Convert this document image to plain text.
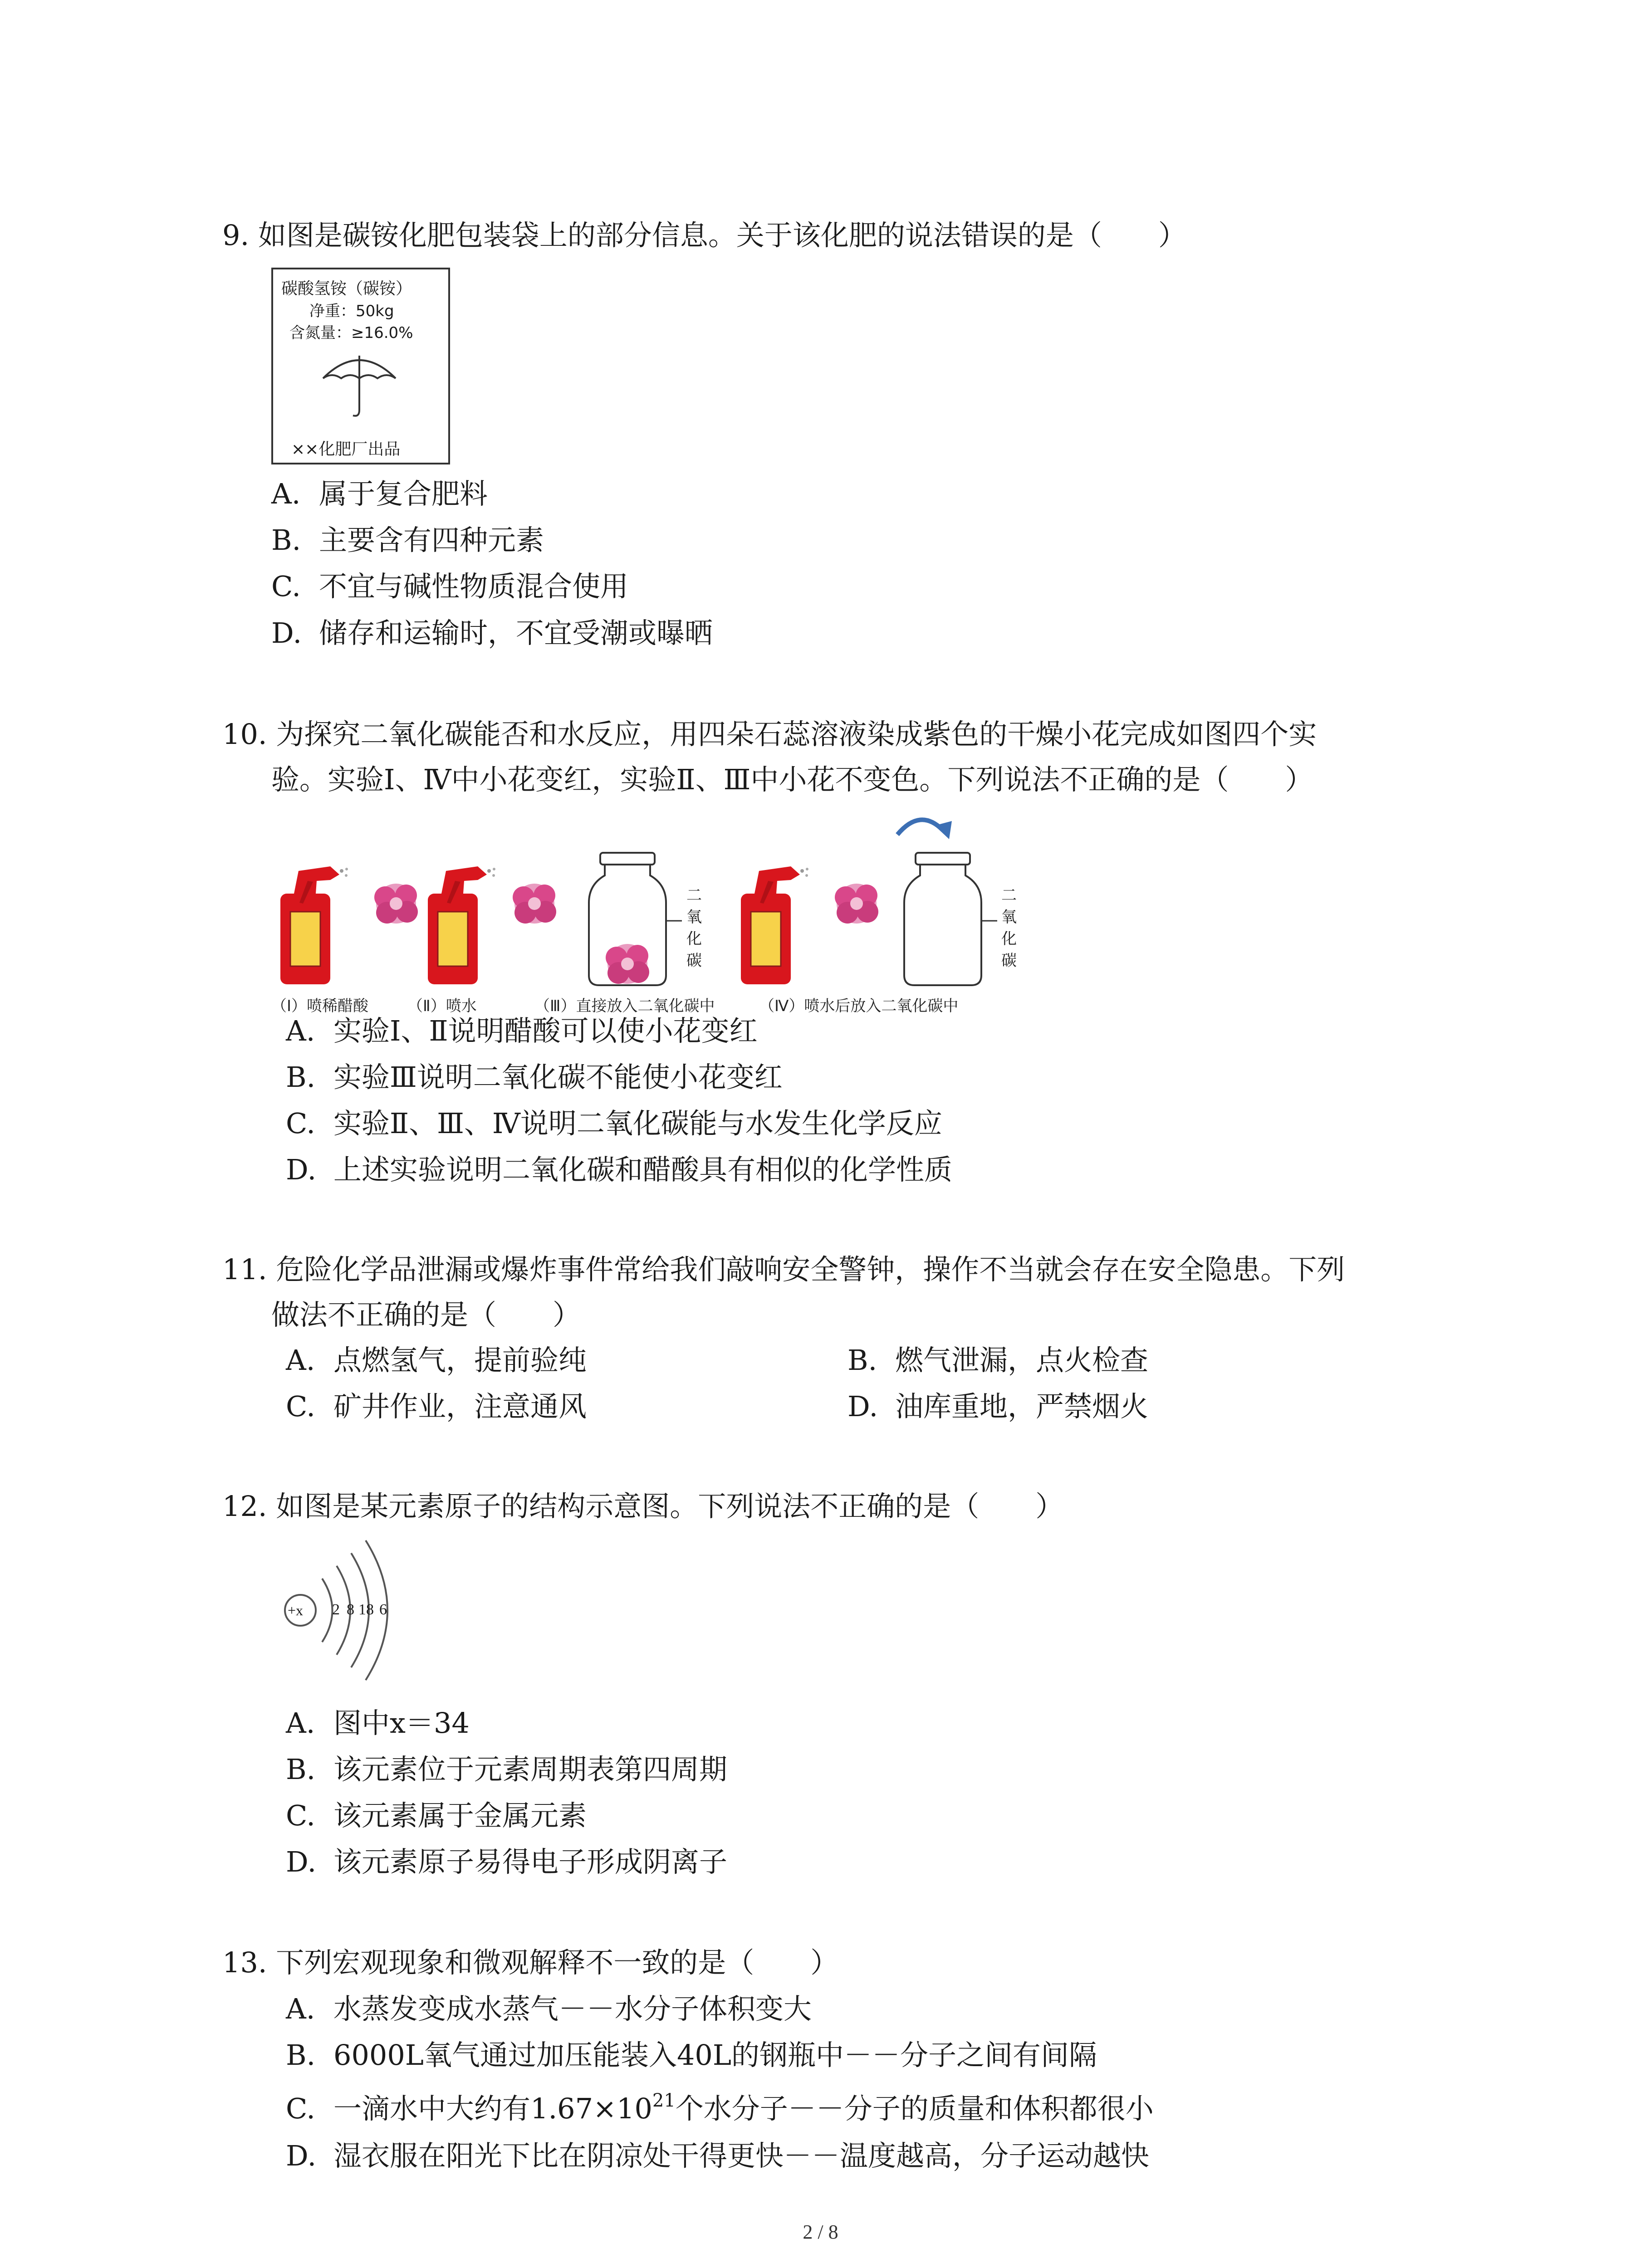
9. 如图是碳铵化肥包装袋上的部分信息。关于该化肥的说法错误的是（　　）
碳酸氢铵（碳铵）
净重：50kg
含氮量：≥16.0%
××化肥厂出品
A. 属于复合肥料
B. 主要含有四种元素
C. 不宜与碱性物质混合使用
D. 储存和运输时，不宜受潮或曝晒
10. 为探究二氧化碳能否和水反应，用四朵石蕊溶液染成紫色的干燥小花完成如图四个实
验。实验I、Ⅳ中小花变红，实验Ⅱ、Ⅲ中小花不变色。下列说法不正确的是（　　）
二
氧
化
碳
二
氧
化
碳
（I）喷稀醋酸	（Ⅱ）喷水	（Ⅲ）直接放入二氧化碳中	（Ⅳ）喷水后放入二氧化碳中
A. 实验Ⅰ、Ⅱ说明醋酸可以使小花变红
B. 实验Ⅲ说明二氧化碳不能使小花变红
C. 实验Ⅱ、Ⅲ、Ⅳ说明二氧化碳能与水发生化学反应
D. 上述实验说明二氧化碳和醋酸具有相似的化学性质
11. 危险化学品泄漏或爆炸事件常给我们敲响安全警钟，操作不当就会存在安全隐患。下列
做法不正确的是（　　）
A. 点燃氢气，提前验纯	B. 燃气泄漏，点火检查
C. 矿井作业，注意通风	D. 油库重地，严禁烟火
12. 如图是某元素原子的结构示意图。下列说法不正确的是（　　）
+x 2 8 18 6
A. 图中x＝34
B. 该元素位于元素周期表第四周期
C. 该元素属于金属元素
D. 该元素原子易得电子形成阴离子
13. 下列宏观现象和微观解释不一致的是（　　）
A. 水蒸发变成水蒸气－－水分子体积变大
B. 6000L氧气通过加压能装入40L的钢瓶中－－分子之间有间隔
C. 一滴水中大约有$1.67\times 10^{21}$个水分子－－分子的质量和体积都很小
D. 湿衣服在阳光下比在阴凉处干得更快－－温度越高，分子运动越快
2 / 8
